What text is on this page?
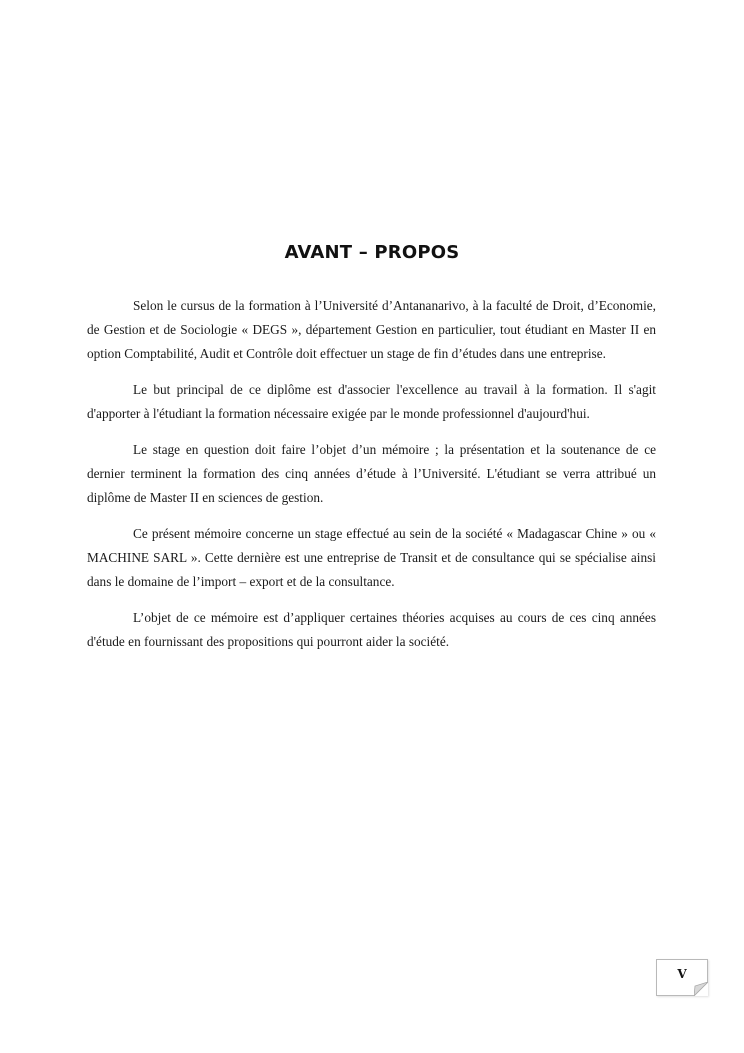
AVANT – PROPOS

Selon le cursus de la formation à l’Université d’Antananarivo, à la faculté de Droit, d’Economie, de Gestion et de Sociologie « DEGS », département Gestion en particulier, tout étudiant en Master II en option Comptabilité, Audit et Contrôle doit effectuer un stage de fin d’études dans une entreprise.

Le but principal de ce diplôme est d'associer l'excellence au travail à la formation. Il s'agit d'apporter à l'étudiant la formation nécessaire exigée par le monde professionnel d'aujourd'hui.

Le stage en question doit faire l’objet d’un mémoire ; la présentation et la soutenance de ce dernier terminent la formation des cinq années d’étude à l’Université. L'étudiant se verra attribué un diplôme de Master II en sciences de gestion.

Ce présent mémoire concerne un stage effectué au sein de la société « Madagascar Chine » ou « MACHINE SARL ». Cette dernière est une entreprise de Transit et de consultance qui se spécialise ainsi dans le domaine de l’import – export et de la consultance.

L’objet de ce mémoire est d’appliquer certaines théories acquises au cours de ces cinq années d'étude en fournissant des propositions qui pourront aider la société.

V
